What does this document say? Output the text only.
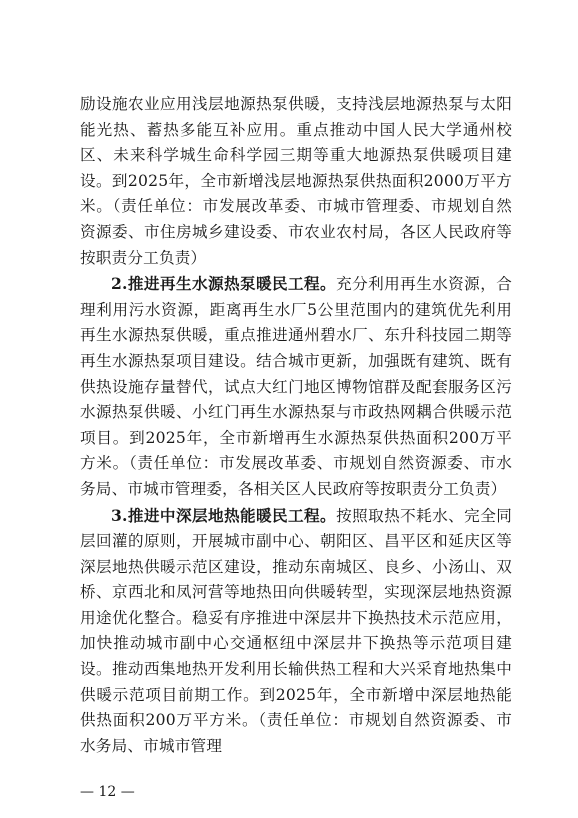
励设施农业应用浅层地源热泵供暖，支持浅层地源热泵与太阳能光热、蓄热多能互补应用。重点推动中国人民大学通州校区、未来科学城生命科学园三期等重大地源热泵供暖项目建设。到2025年，全市新增浅层地源热泵供热面积2000万平方米。（责任单位：市发展改革委、市城市管理委、市规划自然资源委、市住房城乡建设委、市农业农村局，各区人民政府等按职责分工负责）

2.推进再生水源热泵暖民工程。充分利用再生水资源，合理利用污水资源，距离再生水厂5公里范围内的建筑优先利用再生水源热泵供暖，重点推进通州碧水厂、东升科技园二期等再生水源热泵项目建设。结合城市更新，加强既有建筑、既有供热设施存量替代，试点大红门地区博物馆群及配套服务区污水源热泵供暖、小红门再生水源热泵与市政热网耦合供暖示范项目。到2025年，全市新增再生水源热泵供热面积200万平方米。（责任单位：市发展改革委、市规划自然资源委、市水务局、市城市管理委，各相关区人民政府等按职责分工负责）

3.推进中深层地热能暖民工程。按照取热不耗水、完全同层回灌的原则，开展城市副中心、朝阳区、昌平区和延庆区等深层地热供暖示范区建设，推动东南城区、良乡、小汤山、双桥、京西北和凤河营等地热田向供暖转型，实现深层地热资源用途优化整合。稳妥有序推进中深层井下换热技术示范应用，加快推动城市副中心交通枢纽中深层井下换热等示范项目建设。推动西集地热开发利用长输供热工程和大兴采育地热集中供暖示范项目前期工作。到2025年，全市新增中深层地热能供热面积200万平方米。（责任单位：市规划自然资源委、市水务局、市城市管理

— 12 —
